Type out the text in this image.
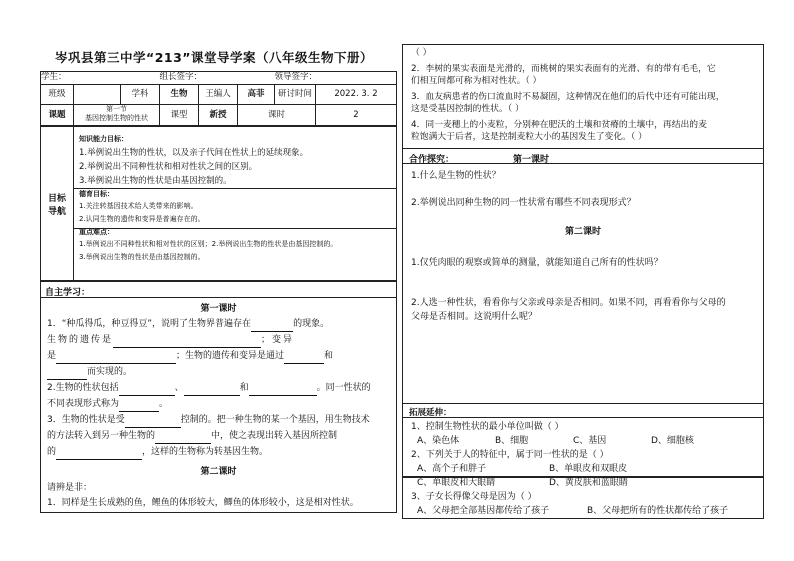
岑巩县第三中学“213”课堂导学案（八年级生物下册）
学生：			组长签字：			领导签字：	
班级		学科	生物	王编人	高菲	研讨时间	2022. 3. 2
课题	第一节
基因控制生物的性状		课型	新授	课时		2
目标导航
知识能力目标：
1.举例说出生物的性状，以及亲子代间在性状上的延续现象。
2.举例说出不同种性状和相对性状之间的区别。
3.举例说出生物的性状是由基因控制的。
德育目标：
1.关注转基因技术给人类带来的影响。
2.认同生物的遗传和变异是普遍存在的。
重点难点：
1.举例说出不同种性状和相对性状的区别；2.举例说出生物的性状是由基因控制的。
3.举例说出生物的性状是由基因控制的。
自主学习：
第一课时
1．“种瓜得瓜，种豆得豆”，说明了生物界普遍存在	的现象。
生物的遗传是	；变异
是	；生物的遗传和变异是通过	和
而实现的。
2.生物的性状包括	、	和	。同一性状的
不同表现形式称为	。
3．生物的性状是受	控制的。把一种生物的某一个基因，用生物技术
的方法转入到另一种生物的	中，使之表现出转入基因所控制
的	，这样的生物称为转基因生物。
第二课时
请辨是非：
1．同样是生长成熟的鱼，鲤鱼的体形较大，鲫鱼的体形较小，这是相对性状。
（ ）
2．李树的果实表面是光滑的，而桃树的果实表面有的光滑、有的带有毛毛，它
们相互间都可称为相对性状。（ ）
3．血友病患者的伤口流血时不易凝固，这种情况在他们的后代中还有可能出现，
这是受基因控制的性状。（ ）
4．同一麦穗上的小麦粒，分别种在肥沃的土壤和贫瘠的土壤中，再结出的麦
粒饱满大于后者，这是控制麦粒大小的基因发生了变化。（ ）
合作探究：	第一课时
1.什么是生物的性状？
2.举例说出同种生物的同一性状常有哪些不同表现形式？
第二课时
1.仅凭肉眼的观察或简单的测量，就能知道自己所有的性状吗？
2.人选一种性状，看看你与父亲或母亲是否相同。如果不同，再看看你与父母的
父母是否相同。这说明什么呢？
拓展延伸：
1、控制生物性状的最小单位叫做（ ）
A、染色体	B、细胞	C、基因	D、细胞核
2、下列关于人的特征中，属于同一性状的是（ ）
A、高个子和胖子	B、单眼皮和双眼皮
C、单眼皮和大眼睛	D、黄皮肤和蓝眼睛
3、子女长得像父母是因为（ ）
A、父母把全部基因都传给了孩子	B、父母把所有的性状都传给了孩子
